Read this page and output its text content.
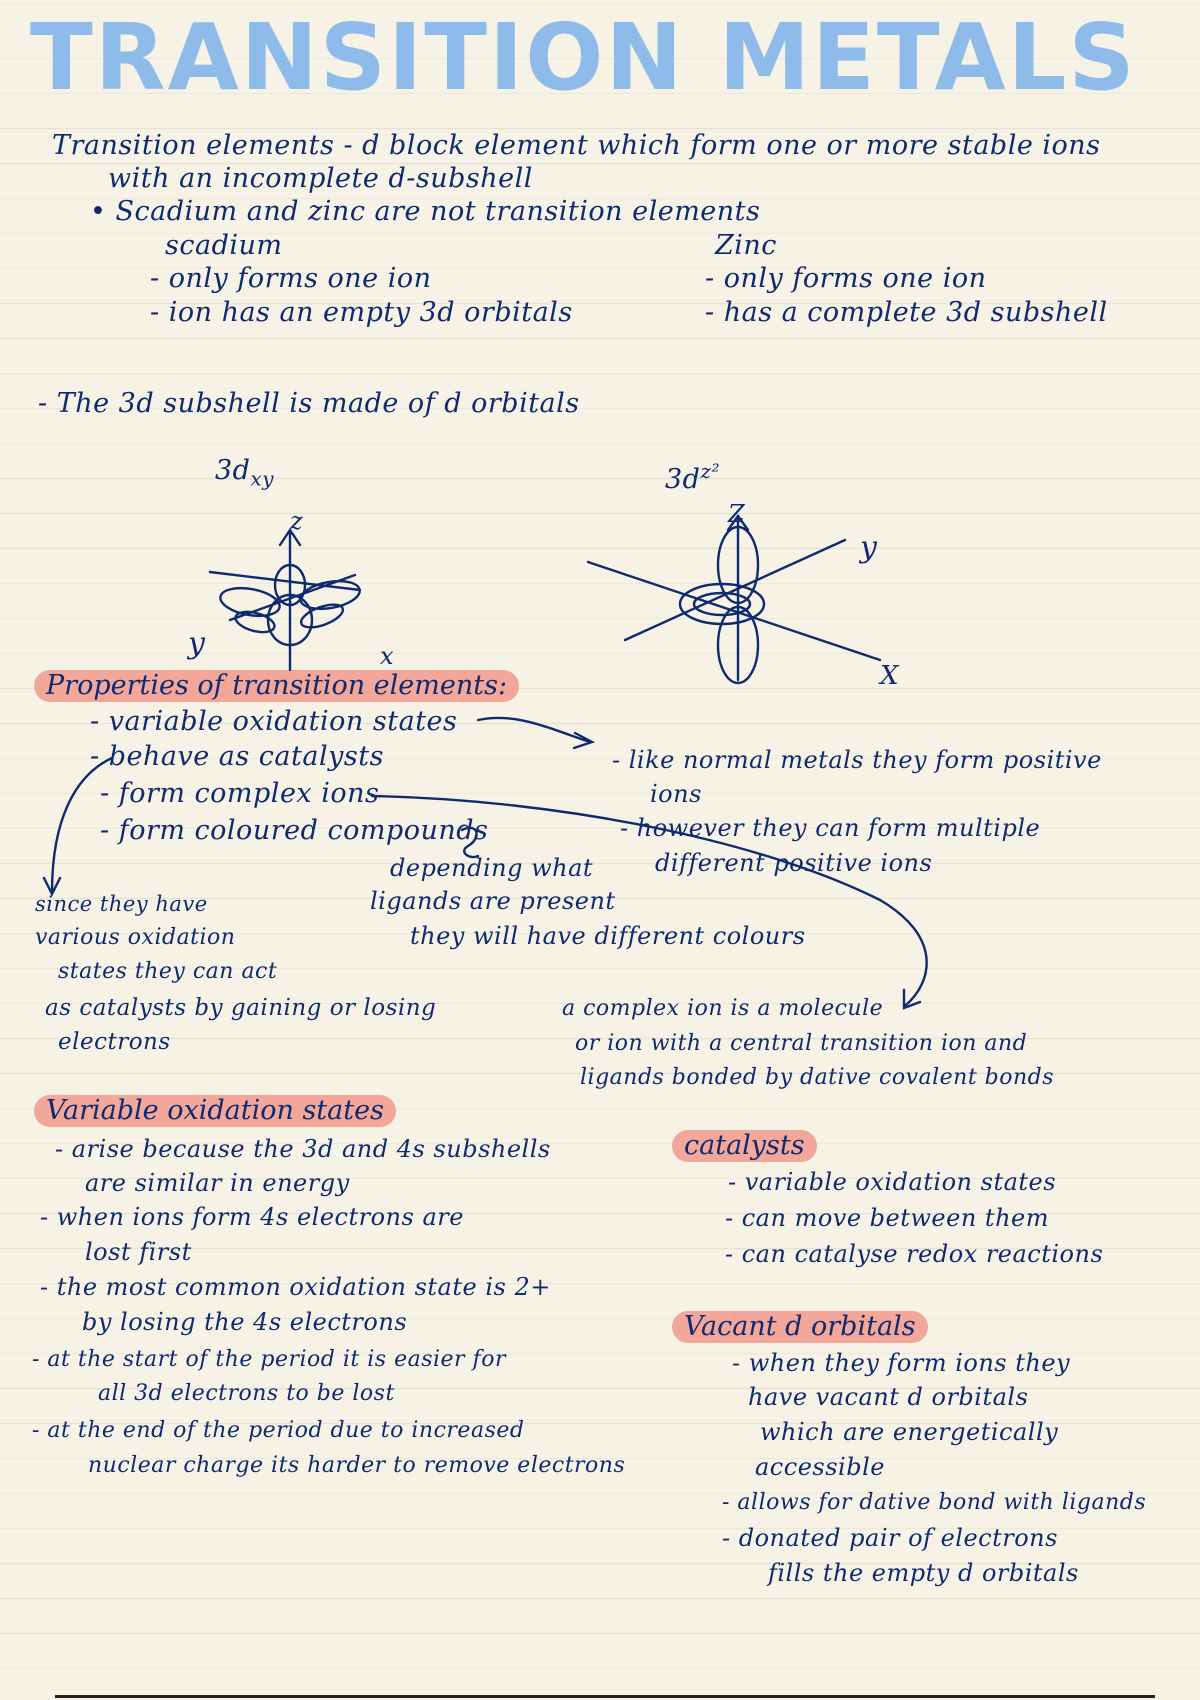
TRANSITION METALS
Transition elements - d block element which form one or more stable ions
with an incomplete d-subshell
• Scadium and zinc are not transition elements
scadium
- only forms one ion
- ion has an empty 3d orbitals
Zinc
- only forms one ion
- has a complete 3d subshell
- The 3d subshell is made of d orbitals
$3d_{xy}$
z
x
y
$3d^{z^2}$
Z
X
y
Properties of transition elements:
- variable oxidation states
- behave as catalysts
- form complex ions
- form coloured compounds
- like normal metals they form positive
ions
- however they can form multiple
different positive ions
depending what
ligands are present
they will have different colours
since they have
various oxidation
states they can act
as catalysts by gaining or losing
electrons
a complex ion is a molecule
or ion with a central transition ion and
ligands bonded by dative covalent bonds
Variable oxidation states
- arise because the 3d and 4s subshells
are similar in energy
- when ions form 4s electrons are
lost first
- the most common oxidation state is 2+
by losing the 4s electrons
- at the start of the period it is easier for
all 3d electrons to be lost
- at the end of the period due to increased
nuclear charge its harder to remove electrons
catalysts
- variable oxidation states
- can move between them
- can catalyse redox reactions
Vacant d orbitals
- when they form ions they
have vacant d orbitals
which are energetically
accessible
- allows for dative bond with ligands
- donated pair of electrons
fills the empty d orbitals
